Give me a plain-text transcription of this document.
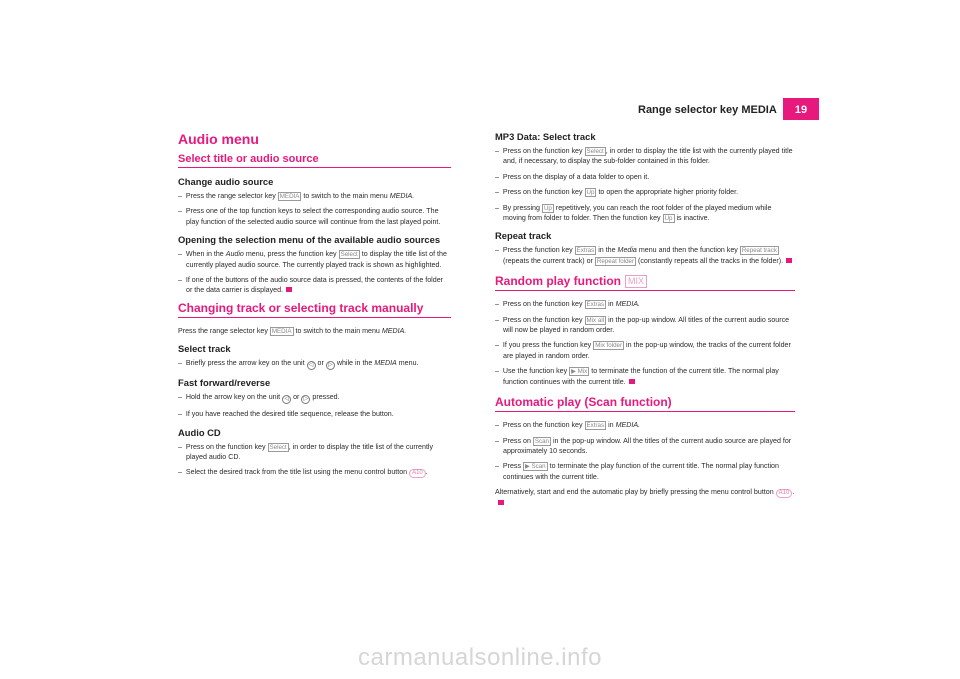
Range selector key MEDIA	19
Audio menu
Select title or audio source
Change audio source
–  Press the range selector key MEDIA to switch to the main menu MEDIA.
–  Press one of the top function keys to select the corresponding audio source. The play function of the selected audio source will continue from the last played point.
Opening the selection menu of the available audio sources
–  When in the Audio menu, press the function key Select to display the title list of the currently played audio source. The currently played track is shown as highlighted.
–  If one of the buttons of the audio source data is pressed, the contents of the folder or the data carrier is displayed.
Changing track or selecting track manually
Press the range selector key MEDIA to switch to the main menu MEDIA.
Select track
–  Briefly press the arrow key on the unit ◁ or ▷ while in the MEDIA menu.
Fast forward/reverse
–  Hold the arrow key on the unit ◁ or ▷ pressed.
–  If you have reached the desired title sequence, release the button.
Audio CD
–  Press on the function key Select , in order to display the title list of the currently played audio CD.
–  Select the desired track from the title list using the menu control button A10 .
MP3 Data: Select track
–  Press on the function key Select , in order to display the title list with the currently played title and, if necessary, to display the sub-folder contained in this folder.
–  Press on the display of a data folder to open it.
–  Press on the function key Up to open the appropriate higher priority folder.
–  By pressing Up repetitively, you can reach the root folder of the played medium while moving from folder to folder. Then the function key Up is inactive.
Repeat track
–  Press the function key Extras in the Media menu and then the function key Repeat track (repeats the current track) or Repeat folder (constantly repeats all the tracks in the folder).
Random play function MIX
–  Press on the function key Extras in MEDIA.
–  Press on the function key Mix all in the pop-up window. All titles of the current audio source will now be played in random order.
–  If you press the function key Mix folder in the pop-up window, the tracks of the current folder are played in random order.
–  Use the function key ▶ Mix to terminate the function of the current title. The normal play function continues with the current title.
Automatic play (Scan function)
–  Press on the function key Extras in MEDIA.
–  Press on Scan in the pop-up window. All the titles of the current audio source are played for approximately 10 seconds.
–  Press ▶ Scan to terminate the play function of the current title. The normal play function continues with the current title.
Alternatively, start and end the automatic play by briefly pressing the menu control button A10 .
carmanualsonline.info
